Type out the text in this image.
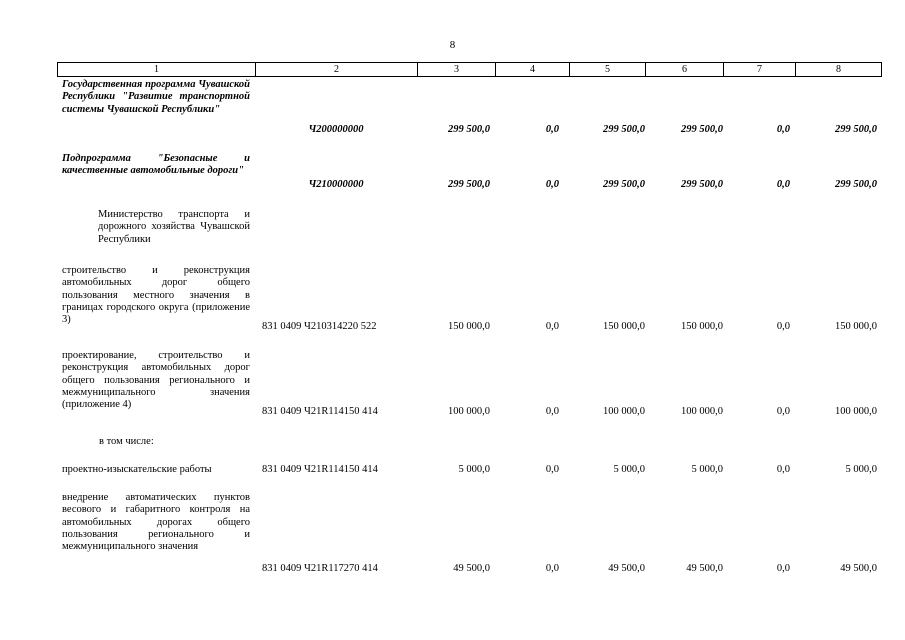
8
1	2	3	4	5	6	7	8
Государственная программа Чувашской Республики "Развитие транспортной системы Чувашской Республики"
Ч200000000	299 500,0	0,0	299 500,0	299 500,0	0,0	299 500,0
Подпрограмма "Безопасные и качественные автомобильные дороги"
Ч210000000	299 500,0	0,0	299 500,0	299 500,0	0,0	299 500,0
Министерство транспорта и дорожного хозяйства Чувашской Республики
строительство и реконструкция автомобильных дорог общего пользования местного значения в границах городского округа (приложение 3)
831 0409 Ч210314220 522	150 000,0	0,0	150 000,0	150 000,0	0,0	150 000,0
проектирование, строительство и реконструкция автомобильных дорог общего пользования регионального и межмуниципального значения (приложение 4)
831 0409 Ч21R114150 414	100 000,0	0,0	100 000,0	100 000,0	0,0	100 000,0
в том числе:
проектно-изыскательские работы	831 0409 Ч21R114150 414	5 000,0	0,0	5 000,0	5 000,0	0,0	5 000,0
внедрение автоматических пунктов весового и габаритного контроля на автомобильных дорогах общего пользования регионального и межмуниципального значения
831 0409 Ч21R117270 414	49 500,0	0,0	49 500,0	49 500,0	0,0	49 500,0
